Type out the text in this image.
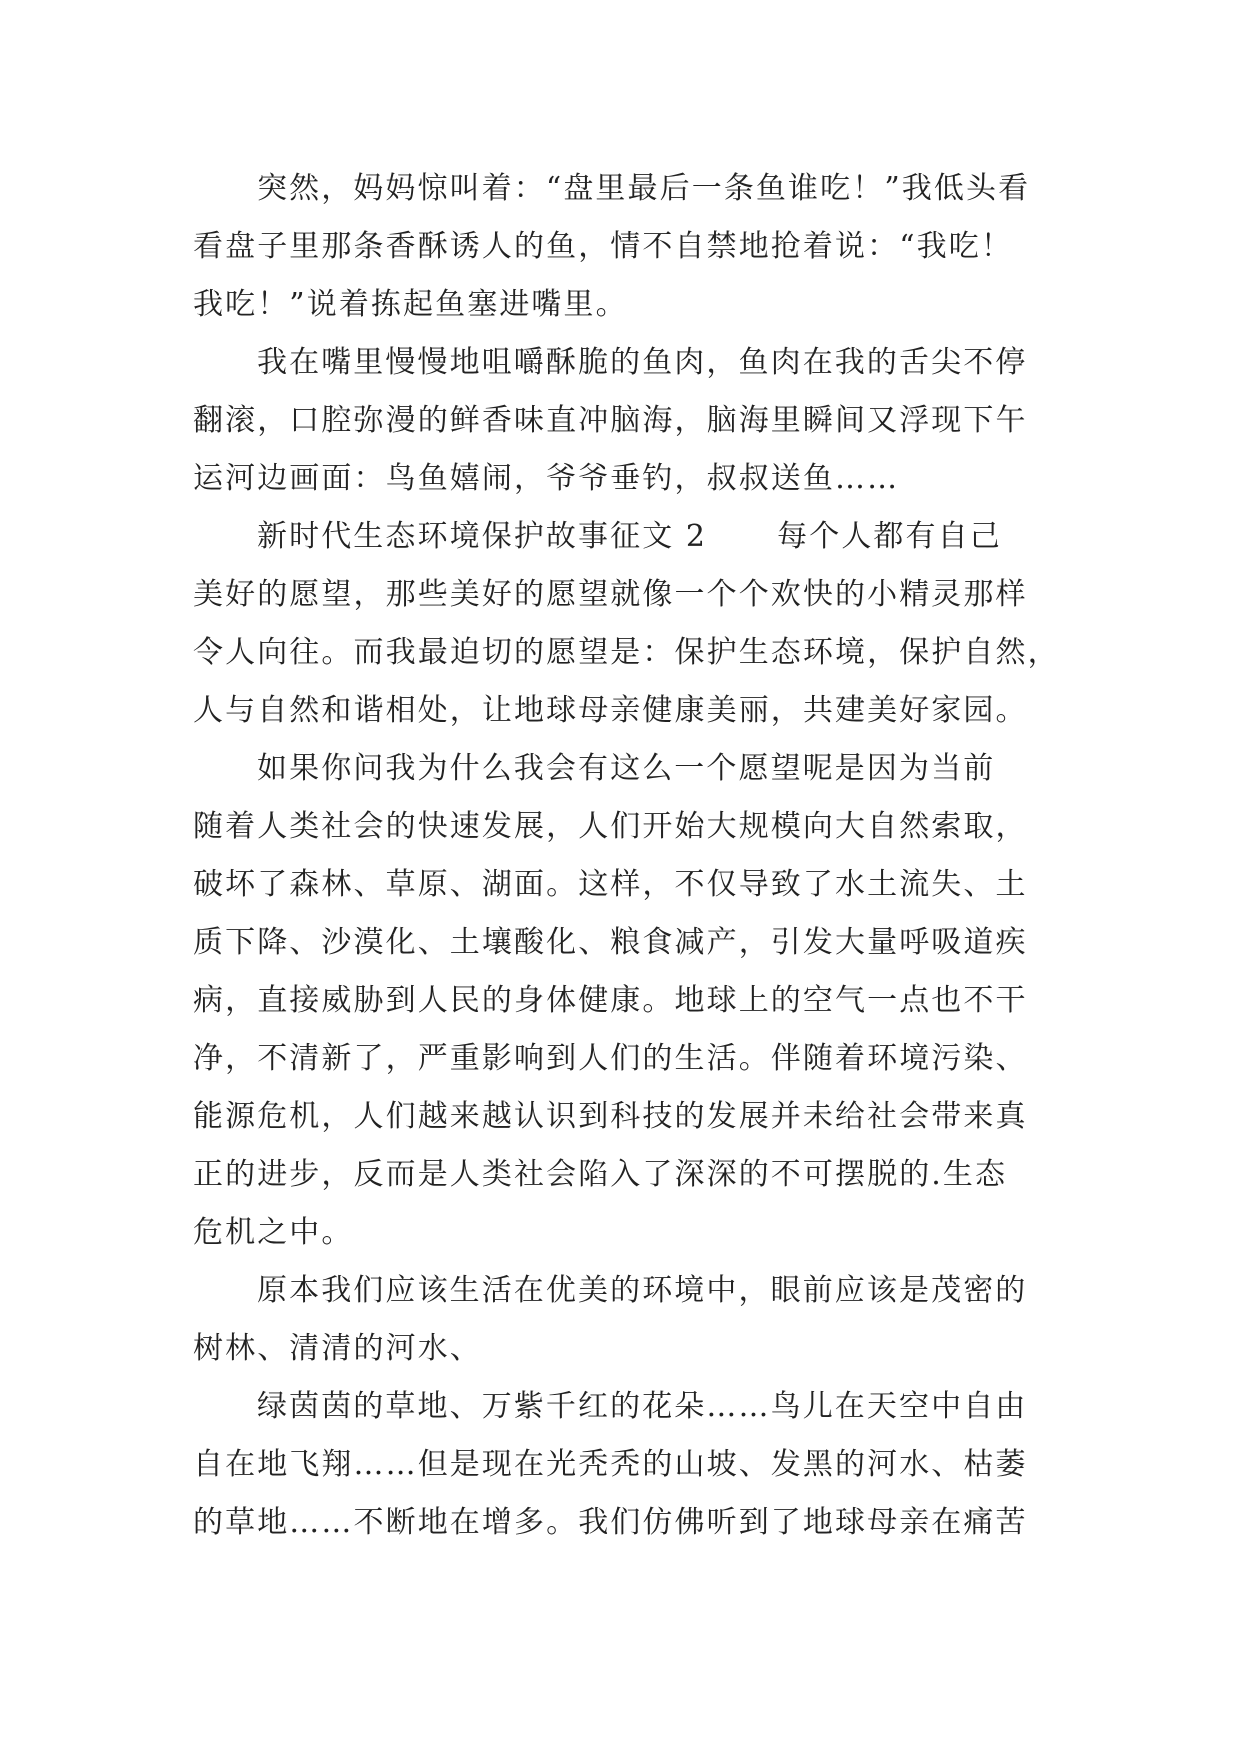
突然，妈妈惊叫着：“盘里最后一条鱼谁吃！”我低头看
看盘子里那条香酥诱人的鱼，情不自禁地抢着说：“我吃！
我吃！”说着拣起鱼塞进嘴里。
我在嘴里慢慢地咀嚼酥脆的鱼肉，鱼肉在我的舌尖不停
翻滚，口腔弥漫的鲜香味直冲脑海，脑海里瞬间又浮现下午
运河边画面：鸟鱼嬉闹，爷爷垂钓，叔叔送鱼……
新时代生态环境保护故事征文 2 每个人都有自己
美好的愿望，那些美好的愿望就像一个个欢快的小精灵那样
令人向往。而我最迫切的愿望是：保护生态环境，保护自然，
人与自然和谐相处，让地球母亲健康美丽，共建美好家园。
如果你问我为什么我会有这么一个愿望呢是因为当前
随着人类社会的快速发展，人们开始大规模向大自然索取，
破坏了森林、草原、湖面。这样，不仅导致了水土流失、土
质下降、沙漠化、土壤酸化、粮食减产，引发大量呼吸道疾
病，直接威胁到人民的身体健康。地球上的空气一点也不干
净，不清新了，严重影响到人们的生活。伴随着环境污染、
能源危机，人们越来越认识到科技的发展并未给社会带来真
正的进步，反而是人类社会陷入了深深的不可摆脱的.生态
危机之中。
原本我们应该生活在优美的环境中，眼前应该是茂密的
树林、清清的河水、
绿茵茵的草地、万紫千红的花朵……鸟儿在天空中自由
自在地飞翔……但是现在光秃秃的山坡、发黑的河水、枯萎
的草地……不断地在增多。我们仿佛听到了地球母亲在痛苦
